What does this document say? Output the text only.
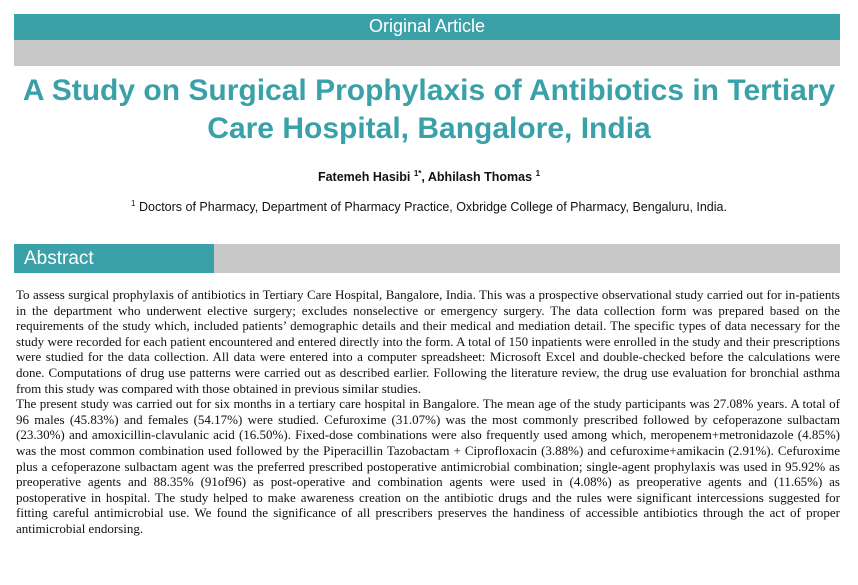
Original Article
A Study on Surgical Prophylaxis of Antibiotics in Tertiary Care Hospital, Bangalore, India
Fatemeh Hasibi $^{1*}$, Abhilash Thomas $^1$
$^1$ Doctors of Pharmacy, Department of Pharmacy Practice, Oxbridge College of Pharmacy, Bengaluru, India.
Abstract

To assess surgical prophylaxis of antibiotics in Tertiary Care Hospital, Bangalore, India. This was a prospective observational study carried out for in-patients in the department who underwent elective surgery; excludes nonselective or emergency surgery. The data collection form was prepared based on the requirements of the study which, included patients’ demographic details and their medical and mediation detail. The specific types of data necessary for the study were recorded for each patient encountered and entered directly into the form. A total of 150 inpatients were enrolled in the study and their prescriptions were studied for the data collection. All data were entered into a computer spreadsheet: Microsoft Excel and double-checked before the calculations were done. Computations of drug use patterns were carried out as described earlier. Following the literature review, the drug use evaluation for bronchial asthma from this study was compared with those obtained in previous similar studies.

The present study was carried out for six months in a tertiary care hospital in Bangalore. The mean age of the study participants was 27.08% years. A total of 96 males (45.83%) and females (54.17%) were studied. Cefuroxime (31.07%) was the most commonly prescribed followed by cefoperazone sulbactam (23.30%) and amoxicillin-clavulanic acid (16.50%). Fixed-dose combinations were also frequently used among which, meropenem+metronidazole (4.85%) was the most common combination used followed by the Piperacillin Tazobactam + Ciprofloxacin (3.88%) and cefuroxime+amikacin (2.91%). Cefuroxime plus a cefoperazone sulbactam agent was the preferred prescribed postoperative antimicrobial combination; single-agent prophylaxis was used in 95.92% as preoperative agents and 88.35% (91of96) as post-operative and combination agents were used in (4.08%) as preoperative agents and (11.65%) as postoperative in hospital. The study helped to make awareness creation on the antibiotic drugs and the rules were significant intercessions suggested for fitting careful antimicrobial use. We found the significance of all prescribers preserves the handiness of accessible antibiotics through the act of proper antimicrobial endorsing.
